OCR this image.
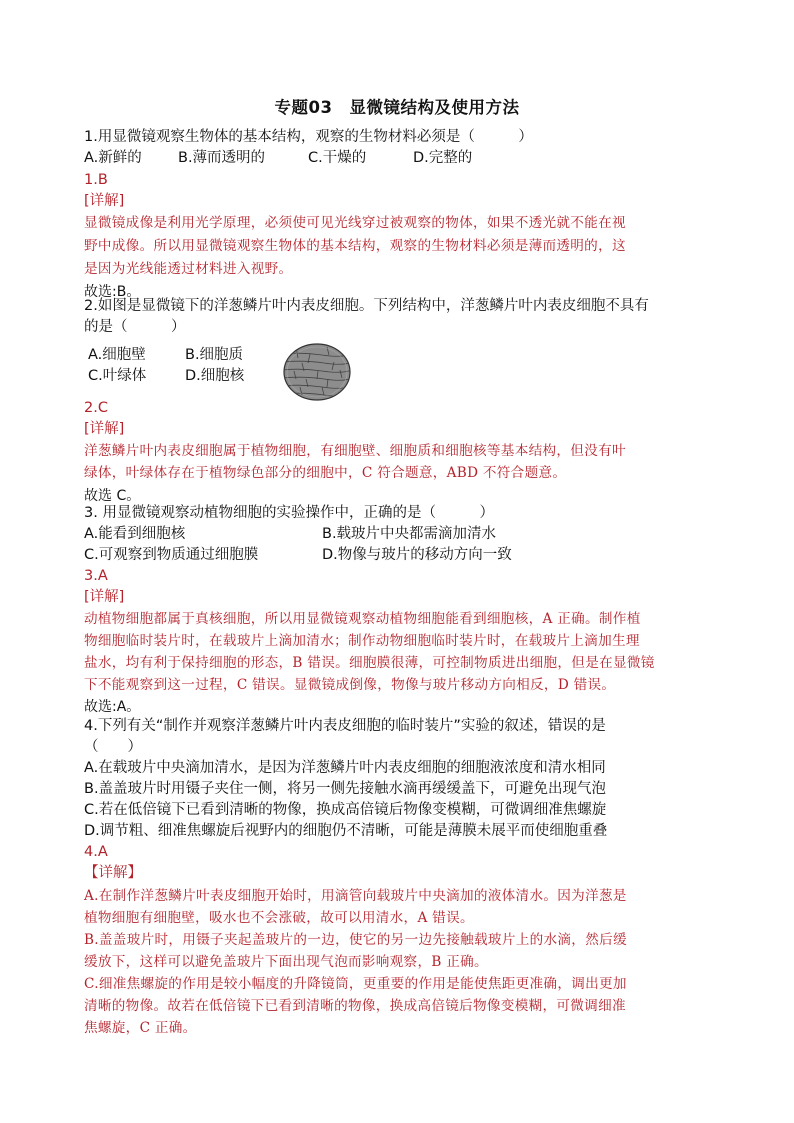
专题03　显微镜结构及使用方法
1.用显微镜观察生物体的基本结构，观察的生物材料必须是（　　　）
A.新鲜的 B.薄而透明的	C.干燥的	D.完整的
1.B
[详解]
显微镜成像是利用光学原理，必须使可见光线穿过被观察的物体，如果不透光就不能在视
野中成像。所以用显微镜观察生物体的基本结构，观察的生物材料必须是薄而透明的，这
是因为光线能透过材料进入视野。
故选:B。
2.如图是显微镜下的洋葱鳞片叶内表皮细胞。下列结构中，洋葱鳞片叶内表皮细胞不具有
的是（　　　）
A.细胞壁	B.细胞质
C.叶绿体	D.细胞核
2.C
[详解]
洋葱鳞片叶内表皮细胞属于植物细胞，有细胞壁、细胞质和细胞核等基本结构，但没有叶
绿体，叶绿体存在于植物绿色部分的细胞中，C 符合题意，ABD 不符合题意。
故选 C。
3. 用显微镜观察动植物细胞的实验操作中，正确的是（　　　）
A.能看到细胞核	B.载玻片中央都需滴加清水
C.可观察到物质通过细胞膜	D.物像与玻片的移动方向一致
3.A
[详解]
动植物细胞都属于真核细胞，所以用显微镜观察动植物细胞能看到细胞核，A 正确。制作植
物细胞临时装片时，在载玻片上滴加清水；制作动物细胞临时装片时，在载玻片上滴加生理
盐水，均有利于保持细胞的形态，B 错误。细胞膜很薄，可控制物质进出细胞，但是在显微镜
下不能观察到这一过程，C 错误。显微镜成倒像，物像与玻片移动方向相反，D 错误。
故选:A。
4.下列有关“制作并观察洋葱鳞片叶内表皮细胞的临时装片”实验的叙述，错误的是
（　　）
A.在载玻片中央滴加清水，是因为洋葱鳞片叶内表皮细胞的细胞液浓度和清水相同
B.盖盖玻片时用镊子夹住一侧，将另一侧先接触水滴再缓缓盖下，可避免出现气泡
C.若在低倍镜下已看到清晰的物像，换成高倍镜后物像变模糊，可微调细准焦螺旋
D.调节粗、细准焦螺旋后视野内的细胞仍不清晰，可能是薄膜未展平而使细胞重叠
4.A
【详解】
A.在制作洋葱鳞片叶表皮细胞开始时，用滴管向载玻片中央滴加的液体清水。因为洋葱是
植物细胞有细胞壁，吸水也不会涨破，故可以用清水，A 错误。
B.盖盖玻片时，用镊子夹起盖玻片的一边，使它的另一边先接触载玻片上的水滴，然后缓
缓放下，这样可以避免盖玻片下面出现气泡而影响观察，B 正确。
C.细准焦螺旋的作用是较小幅度的升降镜筒，更重要的作用是能使焦距更准确，调出更加
清晰的物像。故若在低倍镜下已看到清晰的物像，换成高倍镜后物像变模糊，可微调细准
焦螺旋，C 正确。
